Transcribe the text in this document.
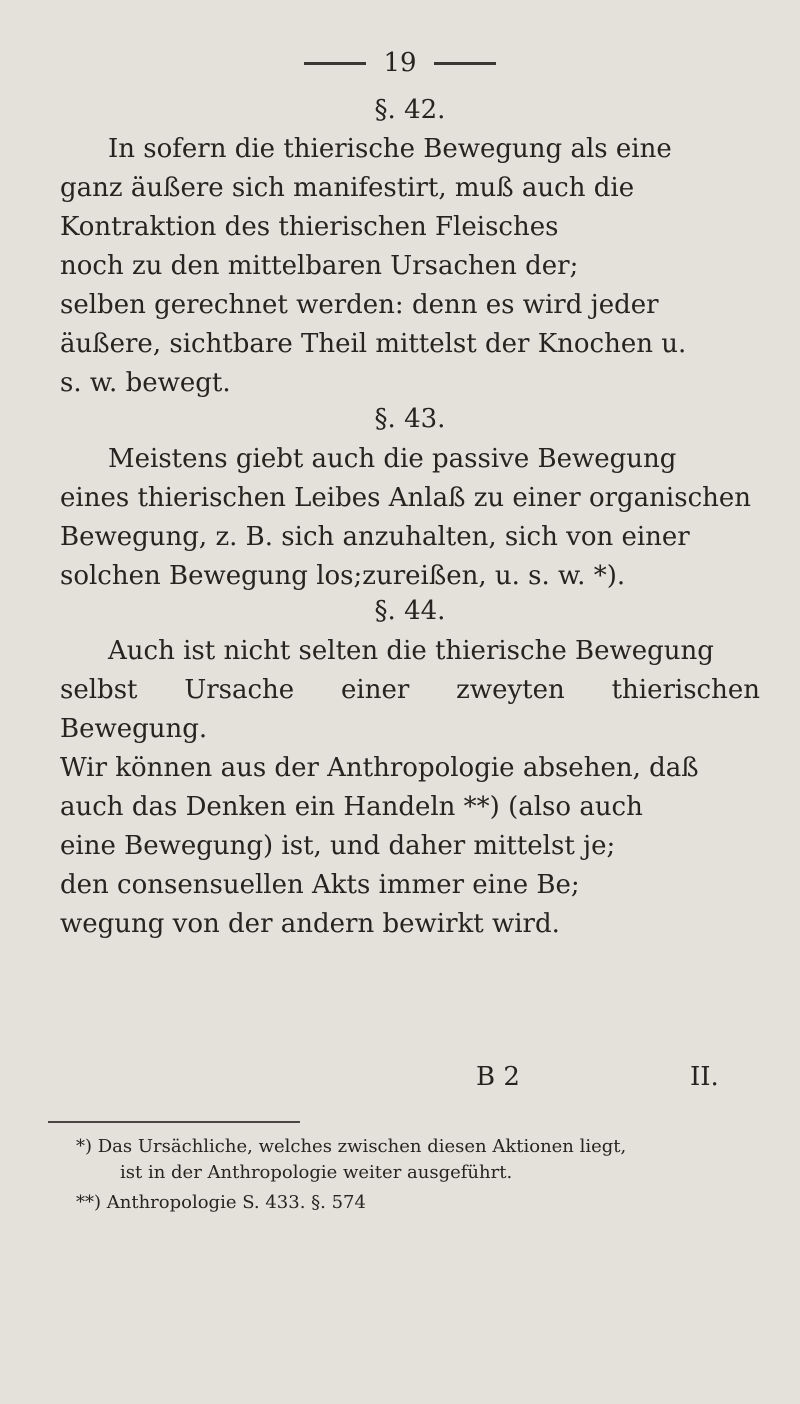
19
§. 42.
In sofern die thierische Bewegung als eine
ganz äußere sich manifestirt, muß auch die
Kontraktion des thierischen Fleisches
noch zu den mittelbaren Ursachen der;
selben gerechnet werden: denn es wird jeder
äußere, sichtbare Theil mittelst der Knochen u.
s. w. bewegt.
§. 43.
Meistens giebt auch die passive Bewegung
eines thierischen Leibes Anlaß zu einer organischen
Bewegung, z. B. sich anzuhalten, sich von einer
solchen Bewegung los;zureißen, u. s. w. *).
§. 44.
Auch ist nicht selten die thierische Bewegung
selbst Ursache einer zweyten thierischen Bewegung.
Wir können aus der Anthropologie absehen, daß
auch das Denken ein Handeln **) (also auch
eine Bewegung) ist, und daher mittelst je;
den consensuellen Akts immer eine Be;
wegung von der andern bewirkt wird.
B 2	II.
*) Das Ursächliche, welches zwischen diesen Aktionen liegt,
ist in der Anthropologie weiter ausgeführt.
**) Anthropologie S. 433. §. 574
